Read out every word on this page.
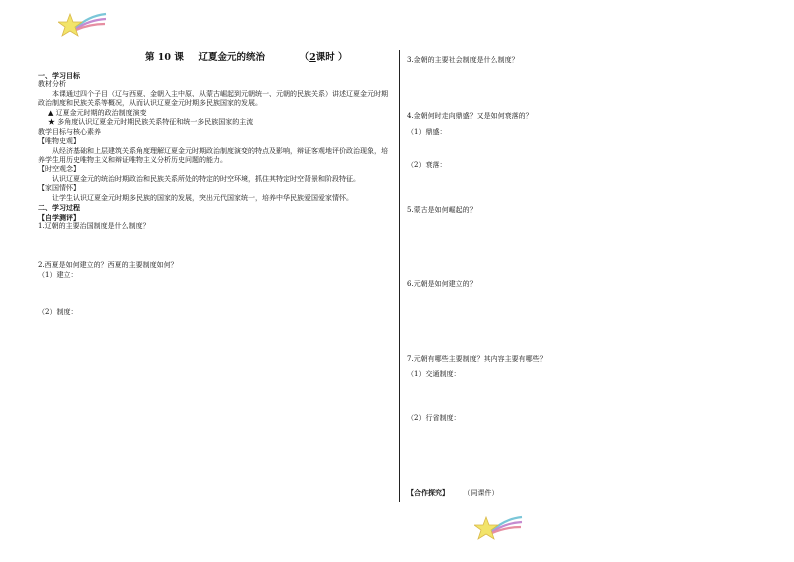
第 10 课 辽夏金元的统治	（2课时 ）

一、学习目标

教材分析

本课通过四个子目（辽与西夏、金朝入主中原、从蒙古崛起到元朝统一、元朝的民族关系）讲述辽夏金元时期政治制度和民族关系等概况，从而认识辽夏金元时期多民族国家的发展。

▲ 辽夏金元时期的政治制度演变

★ 多角度认识辽夏金元时期民族关系特征和统一多民族国家的主流

教学目标与核心素养

【唯物史观】

从经济基础和上层建筑关系角度理解辽夏金元时期政治制度演变的特点及影响，辩证客观地评价政治现象，培养学生用历史唯物主义和辩证唯物主义分析历史问题的能力。

【时空观念】

认识辽夏金元的统治时期政治和民族关系所处的特定的时空环境，抓住其特定时空背景和阶段特征。

【家国情怀】

让学生认识辽夏金元时期多民族的国家的发展，突出元代国家统一，培养中华民族爱国爱家情怀。

二、学习过程

【自学测评】

1.辽朝的主要治国制度是什么制度？

2.西夏是如何建立的？西夏的主要制度如何？

（1）建立：

（2）制度：

3.金朝的主要社会制度是什么制度？
4.金朝何时走向鼎盛？又是如何衰落的？
（1）鼎盛：
（2）衰落：
5.蒙古是如何崛起的？
6.元朝是如何建立的？
7.元朝有哪些主要制度？其内容主要有哪些？
（1）交通制度：
（2）行省制度：
【合作探究】 （同课件）
